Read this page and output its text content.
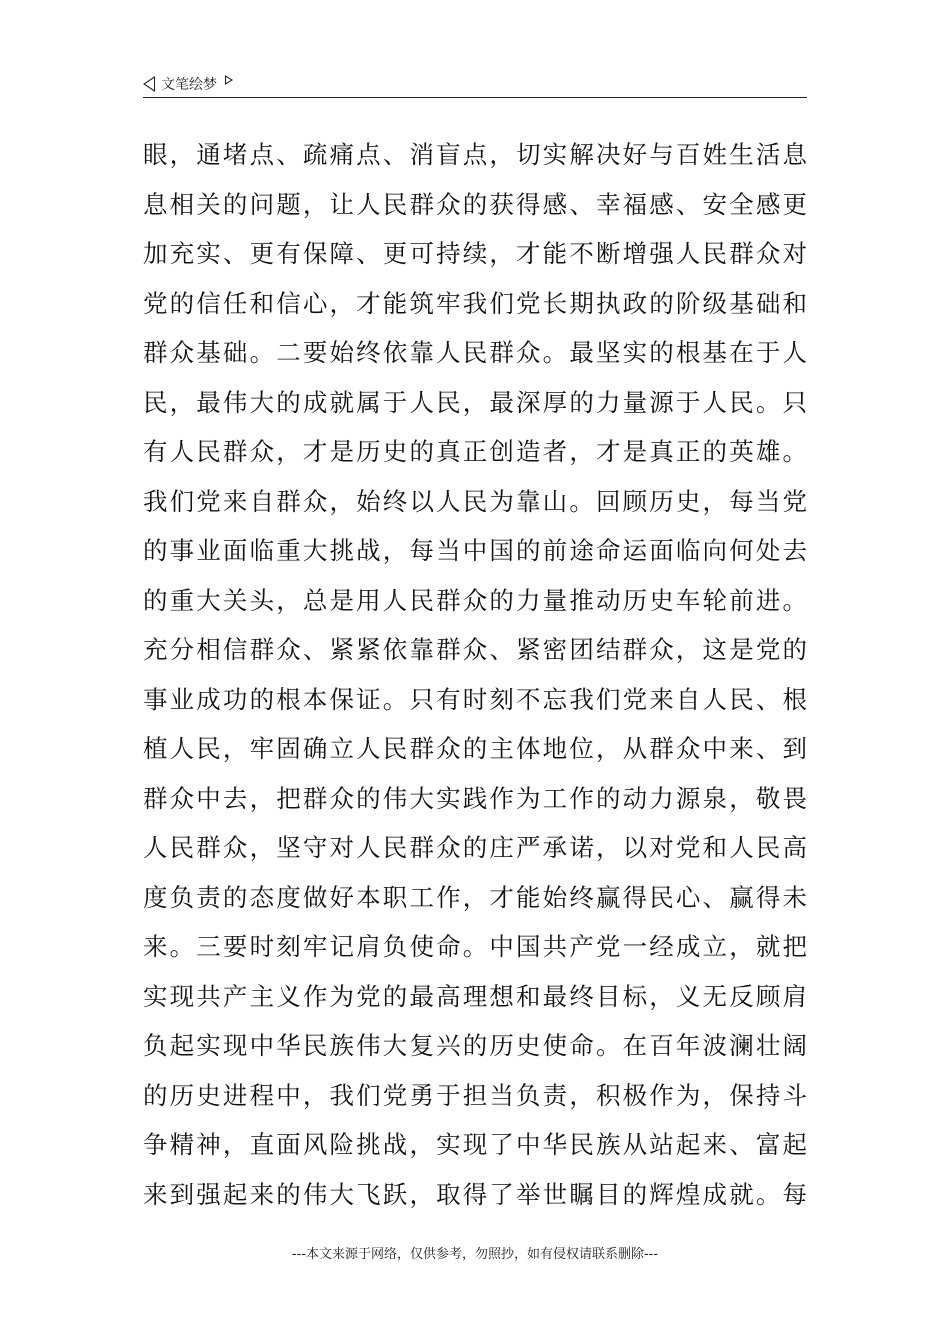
文笔绘梦
眼，通堵点、疏痛点、消盲点，切实解决好与百姓生活息
息相关的问题，让人民群众的获得感、幸福感、安全感更
加充实、更有保障、更可持续，才能不断增强人民群众对
党的信任和信心，才能筑牢我们党长期执政的阶级基础和
群众基础。二要始终依靠人民群众。最坚实的根基在于人
民，最伟大的成就属于人民，最深厚的力量源于人民。只
有人民群众，才是历史的真正创造者，才是真正的英雄。
我们党来自群众，始终以人民为靠山。回顾历史，每当党
的事业面临重大挑战，每当中国的前途命运面临向何处去
的重大关头，总是用人民群众的力量推动历史车轮前进。
充分相信群众、紧紧依靠群众、紧密团结群众，这是党的
事业成功的根本保证。只有时刻不忘我们党来自人民、根
植人民，牢固确立人民群众的主体地位，从群众中来、到
群众中去，把群众的伟大实践作为工作的动力源泉，敬畏
人民群众，坚守对人民群众的庄严承诺，以对党和人民高
度负责的态度做好本职工作，才能始终赢得民心、赢得未
来。三要时刻牢记肩负使命。中国共产党一经成立，就把
实现共产主义作为党的最高理想和最终目标，义无反顾肩
负起实现中华民族伟大复兴的历史使命。在百年波澜壮阔
的历史进程中，我们党勇于担当负责，积极作为，保持斗
争精神，直面风险挑战，实现了中华民族从站起来、富起
来到强起来的伟大飞跃，取得了举世瞩目的辉煌成就。每
---本文来源于网络，仅供参考，勿照抄，如有侵权请联系删除---
